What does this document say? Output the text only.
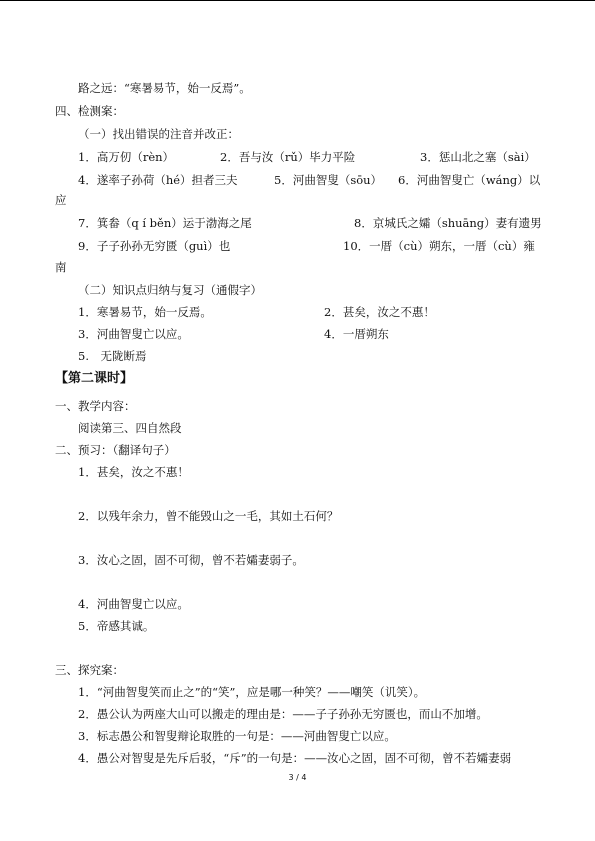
路之远：“寒暑易节，始一反焉”。
四、检测案：
（一）找出错误的注音并改正：
1．高万仞（rèn）	2．吾与汝（rǔ）毕力平险	3．惩山北之塞（sài）
4．遂率子孙荷（hé）担者三夫	5．河曲智叟（sōu） 6．河曲智叟亡（wáng）以
应
7．箕畚（q í běn）运于渤海之尾	8．京城氏之孀（shuāng）妻有遗男
9．子子孙孙无穷匮（guì）也	10．一厝（cù）朔东，一厝（cù）雍
南
（二）知识点归纳与复习（通假字）
1．寒暑易节，始一反焉。	2．甚矣，汝之不惠！
3．河曲智叟亡以应。	4．一厝朔东
5.　无陇断焉
【第二课时】
一、教学内容：
阅读第三、四自然段
二、预习：（翻译句子）
1．甚矣，汝之不惠！
2．以残年余力，曾不能毁山之一毛，其如土石何？
3．汝心之固，固不可彻，曾不若孀妻弱子。
4．河曲智叟亡以应。
5．帝感其诚。
三、探究案：
1．“河曲智叟笑而止之”的“笑”，应是哪一种笑？——嘲笑（讥笑）。
2．愚公认为两座大山可以搬走的理由是：——子子孙孙无穷匮也，而山不加增。
3．标志愚公和智叟辩论取胜的一句是：——河曲智叟亡以应。
4．愚公对智叟是先斥后驳，“斥”的一句是：——汝心之固，固不可彻，曾不若孀妻弱
3 / 4
